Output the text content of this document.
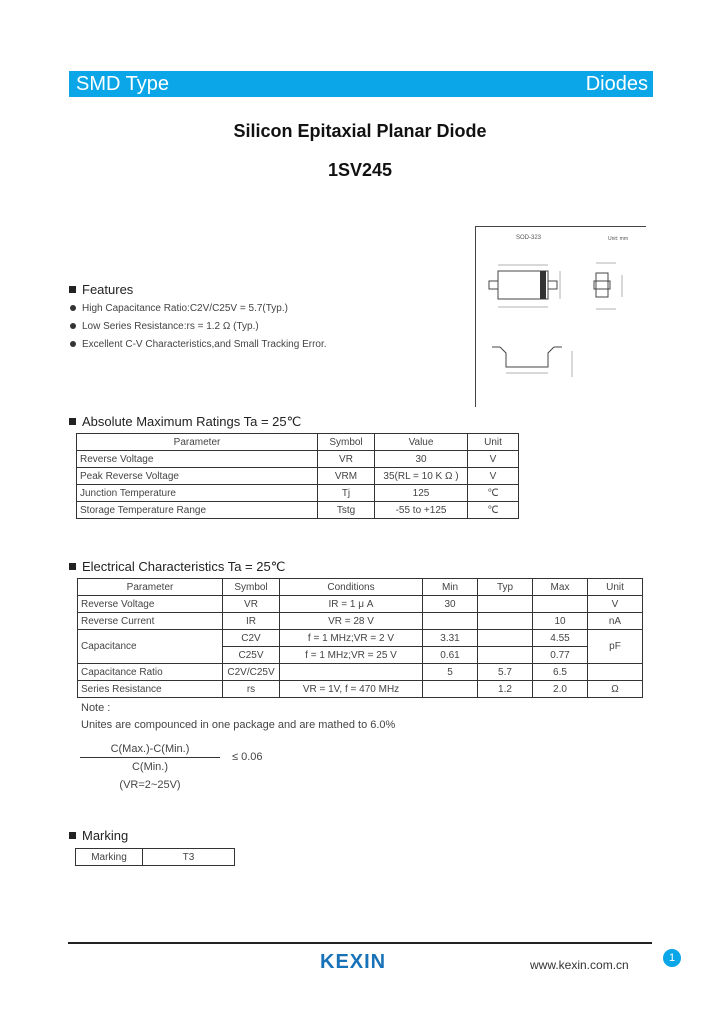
SMD Type	Diodes
Silicon Epitaxial Planar Diode
1SV245
Features
High Capacitance Ratio:C2V/C25V = 5.7(Typ.)
Low Series Resistance:rs = 1.2 Ω (Typ.)
Excellent C-V Characteristics,and Small Tracking Error.
SOD-323	Unit: mm
Absolute Maximum Ratings Ta = 25℃
Parameter	Symbol	Value	Unit
Reverse Voltage	VR	30	V
Peak Reverse Voltage	VRM	35(RL = 10 K Ω )	V
Junction Temperature	Tj	125	℃
Storage Temperature Range	Tstg	-55 to +125	℃
Electrical Characteristics Ta = 25℃
Parameter	Symbol	Conditions	Min	Typ	Max	Unit
Reverse Voltage	VR	IR = 1 μ A	30			V
Reverse Current	IR	VR = 28 V			10	nA
Capacitance	C2V	f = 1 MHz;VR = 2 V	3.31		4.55	pF
	C25V	f = 1 MHz;VR = 25 V	0.61		0.77	
Capacitance Ratio	C2V/C25V		5	5.7	6.5	
Series Resistance	rs	VR = 1V, f = 470 MHz		1.2	2.0	Ω
Note :
Unites are compounced in one package and are mathed to 6.0%
C(Max.)-C(Min.)
≤ 0.06
C(Min.)
(VR=2~25V)
Marking
Marking	T3
KEXIN	www.kexin.com.cn	1
